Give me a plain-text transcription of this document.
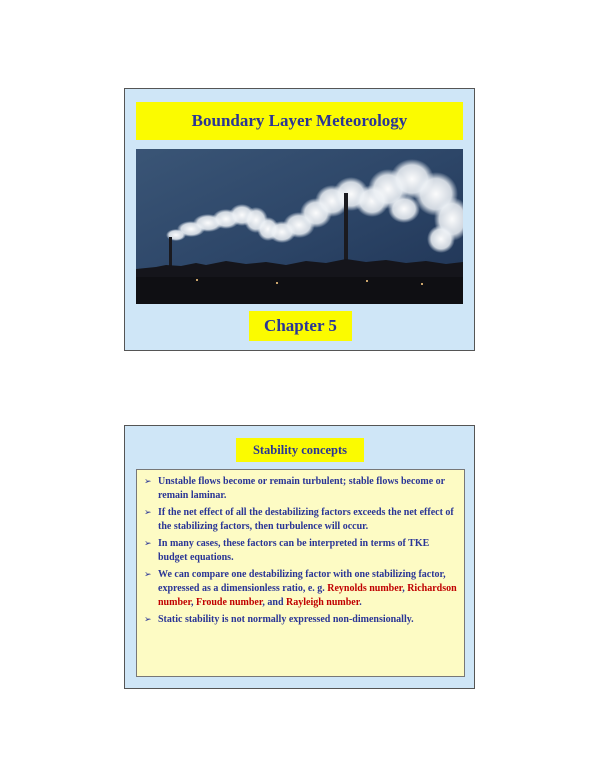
Boundary Layer Meteorology
Chapter 5
Stability concepts
➢ Unstable flows become or remain turbulent; stable flows become or remain laminar.
➢ If the net effect of all the destabilizing factors exceeds the net effect of the stabilizing factors, then turbulence will occur.
➢ In many cases, these factors can be interpreted in terms of TKE budget equations.
➢ We can compare one destabilizing factor with one stabilizing factor, expressed as a dimensionless ratio, e. g. Reynolds number, Richardson number, Froude number, and Rayleigh number.
➢ Static stability is not normally expressed non-dimensionally.
